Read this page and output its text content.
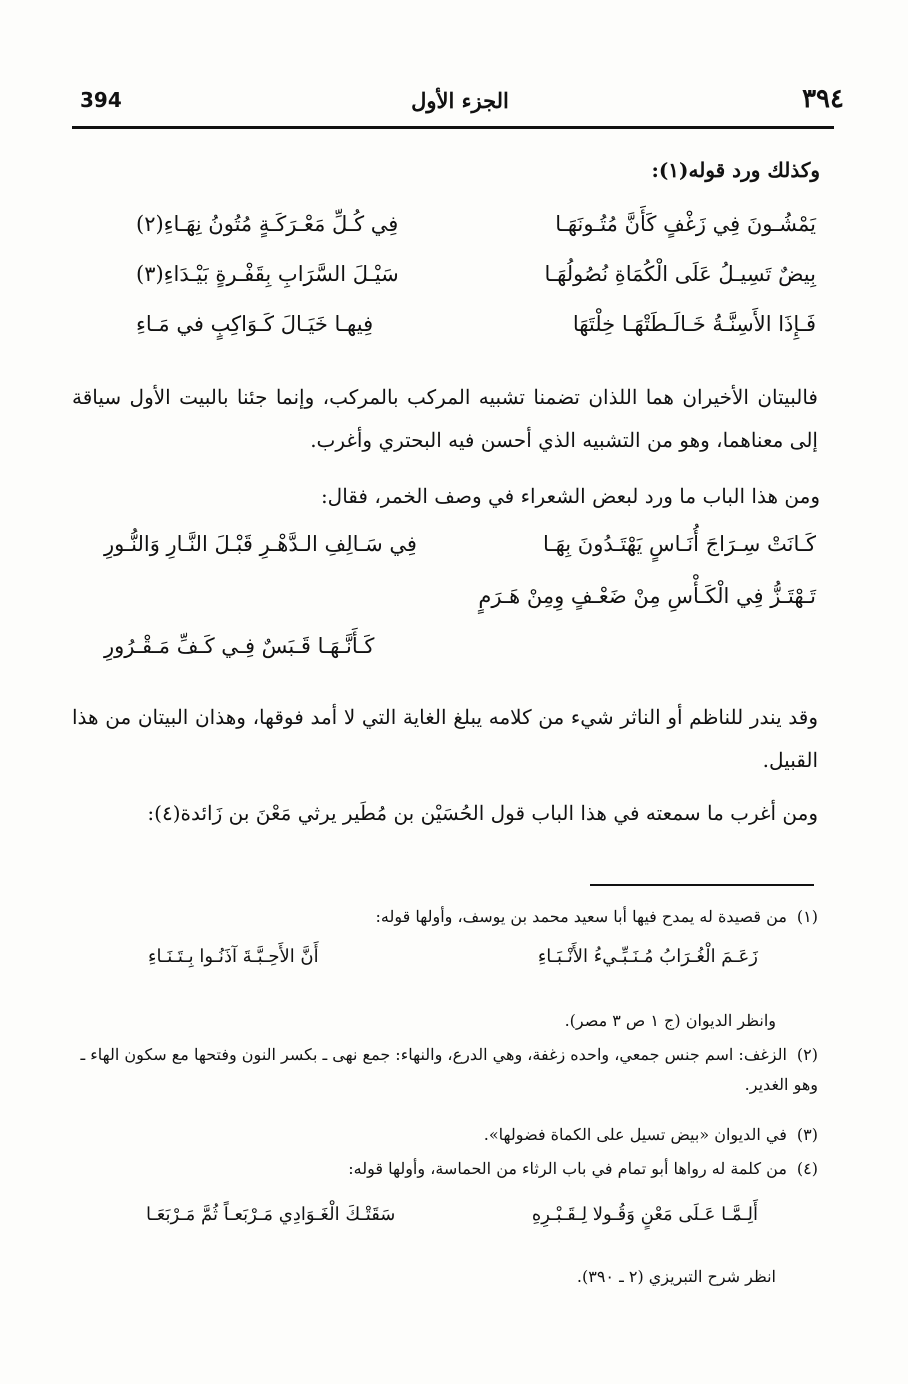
394	الجزء الأول	٣٩٤
وكذلك ورد قوله(١):
يَمْشُـونَ فِي زَغْفٍ كَأَنَّ مُتُـونَهَـا
فِي كُـلِّ مَعْـرَكَـةٍ مُتُونُ نِهَـاءِ(٢)
بِيضٌ تَسِيـلُ عَلَى الْكُمَاةِ نُصُولُهَـا
سَيْـلَ السَّرَابِ بِقَفْـرةٍ بَيْـدَاءِ(٣)
فَـإِذَا الأَسِنَّـةُ خَـالَـطَتْهَـا خِلْتَهَا
فِيهـا خَيَـالَ كَـوَاكِبٍ في مَـاءِ
فالبيتان الأخيران هما اللذان تضمنا تشبيه المركب بالمركب، وإنما جئنا بالبيت الأول سياقة إلى معناهما، وهو من التشبيه الذي أحسن فيه البحتري وأغرب.
ومن هذا الباب ما ورد لبعض الشعراء في وصف الخمر، فقال:
كَـانَتْ سِـرَاجَ أُنَـاسٍ يَهْتَـدُونَ بِهَـا
فِي سَـالِفِ الـدَّهْـرِ قَبْـلَ النَّـارِ وَالنُّـورِ
تَـهْتَـزُّ فِي الْكَـأْسِ مِنْ ضَعْـفٍ وِمِنْ هَـرَمٍ
كَـأَنَّـهَـا قَـبَسٌ فِـي كَـفِّ مَـقْـرُورِ
وقد يندر للناظم أو الناثر شيء من كلامه يبلغ الغاية التي لا أمد فوقها، وهذان البيتان من هذا القبيل.
ومن أغرب ما سمعته في هذا الباب قول الحُسَيْن بن مُطَير يرثي مَعْنَ بن زَائدة(٤):
(١)من قصيدة له يمدح فيها أبا سعيد محمد بن يوسف، وأولها قوله:
زَعَـمَ الْغُـرَابُ مُـنَـبِّـيءُ الأَنْـبَـاءِ
أَنَّ الأَحِـبَّـةَ آذَنُـوا بِـتَـنَـاءِ
وانظر الديوان (ج ١ ص ٣ مصر).
(٢)الزغف: اسم جنس جمعي، واحده زغفة، وهي الدرع، والنهاء: جمع نهى ـ بكسر النون وفتحها مع سكون الهاء ـ وهو الغدير.
(٣)في الديوان «بيض تسيل على الكماة فضولها».
(٤)من كلمة له رواها أبو تمام في باب الرثاء من الحماسة، وأولها قوله:
أَلِـمَّـا عَـلَى مَعْنٍ وَقُـولا لِـقَـبْـرِهِ
سَقَتْـكَ الْغَـوَادِي مَـرْبَعـاً ثُمَّ مَـرْبَعَـا
انظر شرح التبريزي (٢ ـ ٣٩٠).
